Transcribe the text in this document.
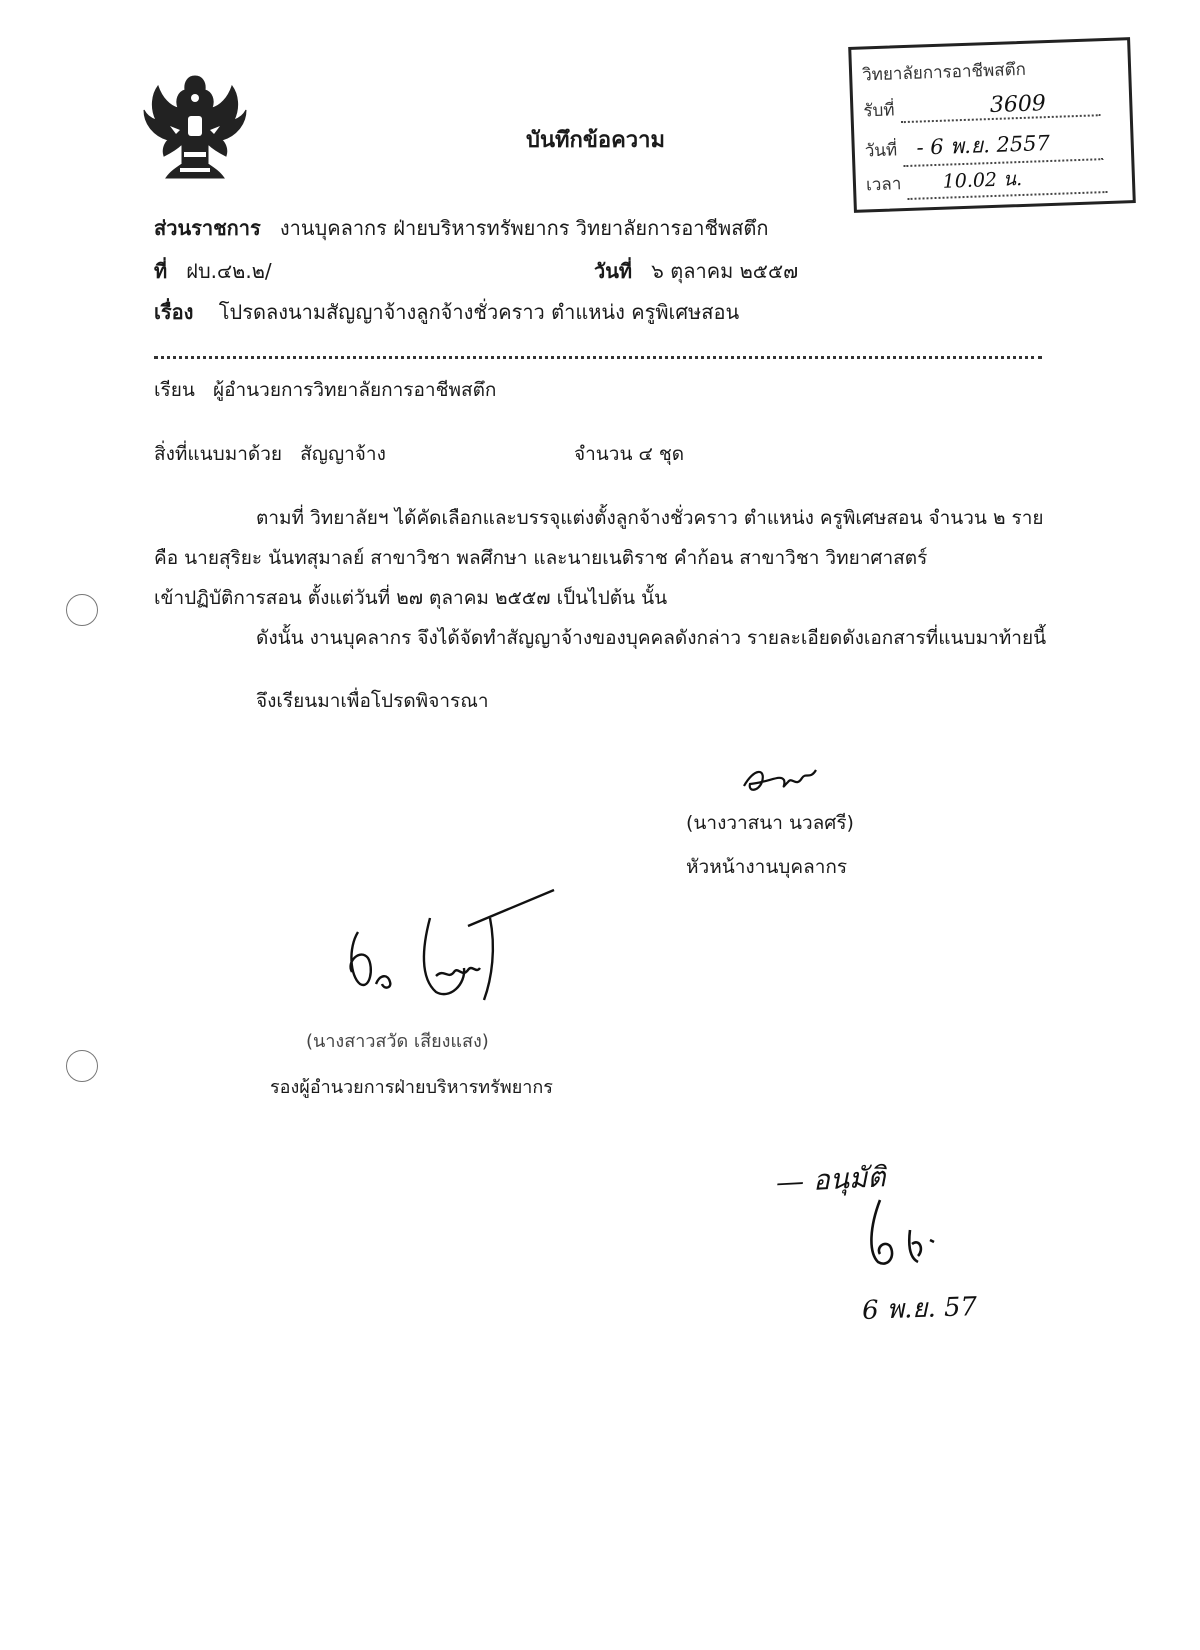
บันทึกข้อความ
วิทยาลัยการอาชีพสตึก
รับที่	3609
วันที่ - 6 พ.ย. 2557
เวลา 10.02 น.
ส่วนราชการ งานบุคลากร ฝ่ายบริหารทรัพยากร วิทยาลัยการอาชีพสตึก
ที่ ฝบ.๔๒.๒/	วันที่ ๖ ตุลาคม ๒๕๕๗
เรื่อง โปรดลงนามสัญญาจ้างลูกจ้างชั่วคราว ตำแหน่ง ครูพิเศษสอน
เรียน ผู้อำนวยการวิทยาลัยการอาชีพสตึก
สิ่งที่แนบมาด้วย สัญญาจ้าง	จำนวน ๔ ชุด
ตามที่ วิทยาลัยฯ ได้คัดเลือกและบรรจุแต่งตั้งลูกจ้างชั่วคราว ตำแหน่ง ครูพิเศษสอน จำนวน ๒ ราย
คือ นายสุริยะ นันทสุมาลย์ สาขาวิชา พลศึกษา และนายเนติราช คำก้อน สาขาวิชา วิทยาศาสตร์
เข้าปฏิบัติการสอน ตั้งแต่วันที่ ๒๗ ตุลาคม ๒๕๕๗ เป็นไปต้น นั้น
ดังนั้น งานบุคลากร จึงได้จัดทำสัญญาจ้างของบุคคลดังกล่าว รายละเอียดดังเอกสารที่แนบมาท้ายนี้
จึงเรียนมาเพื่อโปรดพิจารณา
(นางวาสนา นวลศรี)
หัวหน้างานบุคลากร
(นางสาวสวัด เสียงแสง)
รองผู้อำนวยการฝ่ายบริหารทรัพยากร
— อนุมัติ
6 พ.ย. 57
